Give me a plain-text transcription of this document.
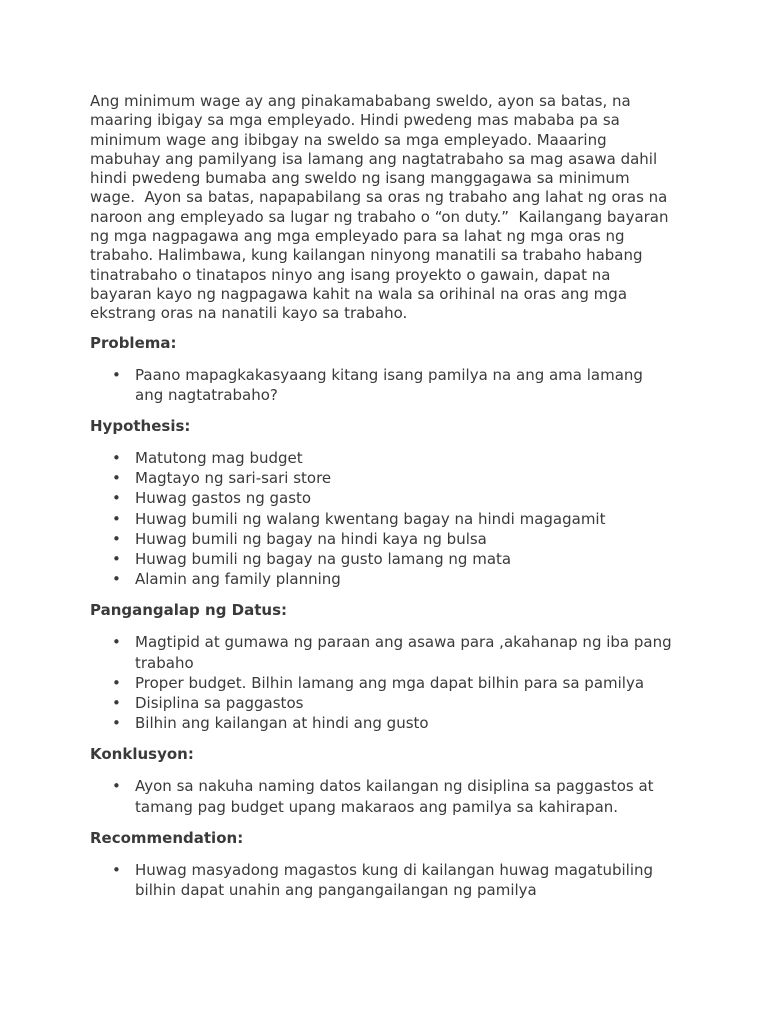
Ang minimum wage ay ang pinakamababang sweldo, ayon sa batas, na
maaring ibigay sa mga empleyado. Hindi pwedeng mas mababa pa sa
minimum wage ang ibibgay na sweldo sa mga empleyado. Maaaring
mabuhay ang pamilyang isa lamang ang nagtatrabaho sa mag asawa dahil
hindi pwedeng bumaba ang sweldo ng isang manggagawa sa minimum
wage.  Ayon sa batas, napapabilang sa oras ng trabaho ang lahat ng oras na
naroon ang empleyado sa lugar ng trabaho o “on duty.”  Kailangang bayaran
ng mga nagpagawa ang mga empleyado para sa lahat ng mga oras ng
trabaho. Halimbawa, kung kailangan ninyong manatili sa trabaho habang
tinatrabaho o tinatapos ninyo ang isang proyekto o gawain, dapat na
bayaran kayo ng nagpagawa kahit na wala sa orihinal na oras ang mga
ekstrang oras na nanatili kayo sa trabaho.

Problema:
• Paano mapagkakasyaang kitang isang pamilya na ang ama lamang
ang nagtatrabaho?
Hypothesis:
• Matutong mag budget
• Magtayo ng sari-sari store
• Huwag gastos ng gasto
• Huwag bumili ng walang kwentang bagay na hindi magagamit
• Huwag bumili ng bagay na hindi kaya ng bulsa
• Huwag bumili ng bagay na gusto lamang ng mata
• Alamin ang family planning
Pangangalap ng Datus:
• Magtipid at gumawa ng paraan ang asawa para ,akahanap ng iba pang
trabaho
• Proper budget. Bilhin lamang ang mga dapat bilhin para sa pamilya
• Disiplina sa paggastos
• Bilhin ang kailangan at hindi ang gusto
Konklusyon:
• Ayon sa nakuha naming datos kailangan ng disiplina sa paggastos at
tamang pag budget upang makaraos ang pamilya sa kahirapan.
Recommendation:
• Huwag masyadong magastos kung di kailangan huwag magatubiling
bilhin dapat unahin ang pangangailangan ng pamilya
